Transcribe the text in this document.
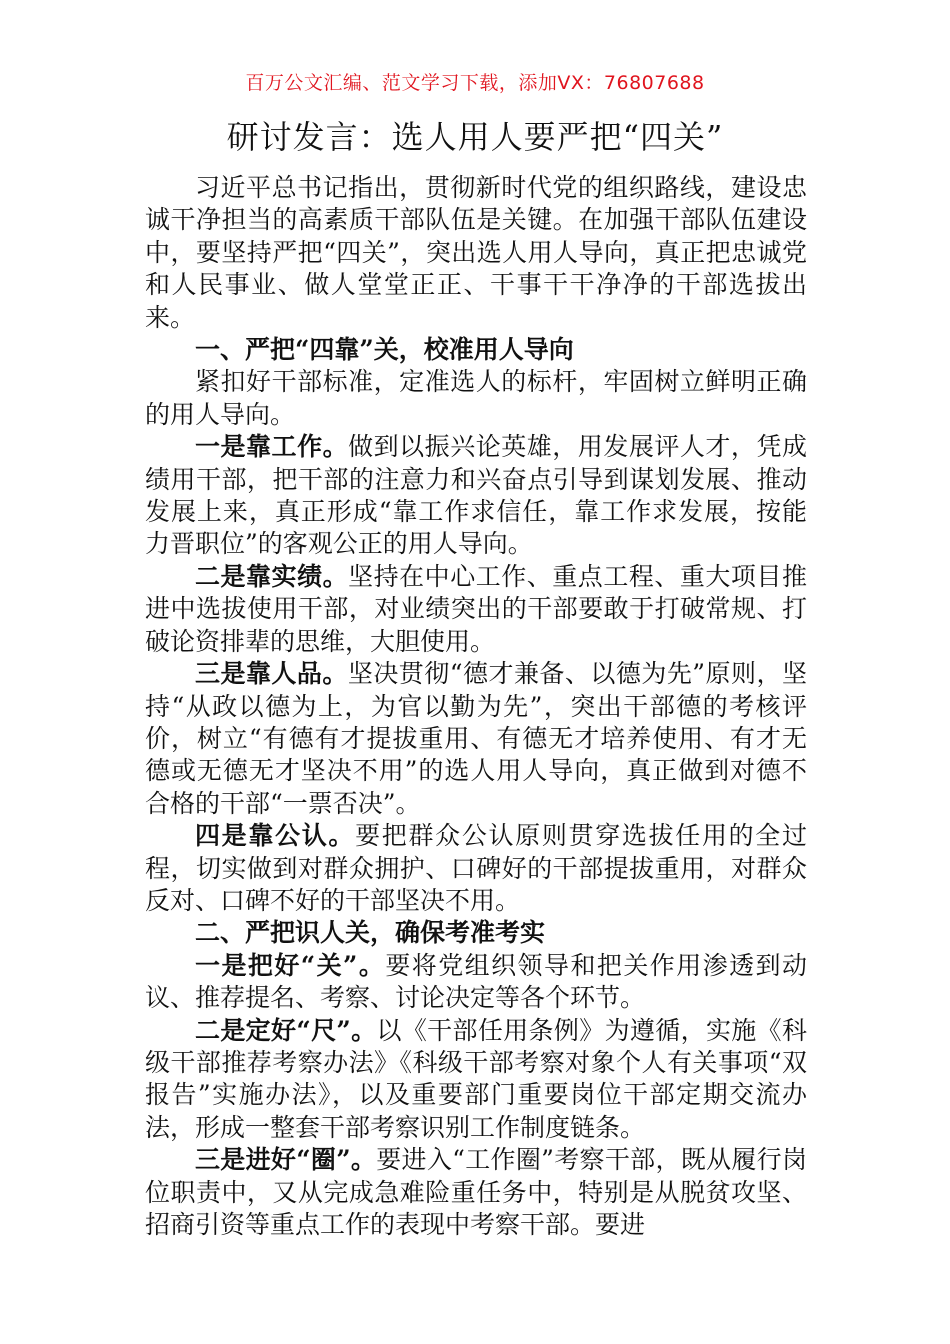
百万公文汇编、范文学习下载，添加VX：76807688
研讨发言：选人用人要严把“四关”

习近平总书记指出，贯彻新时代党的组织路线，建设忠诚干净担当的高素质干部队伍是关键。在加强干部队伍建设中，要坚持严把“四关”，突出选人用人导向，真正把忠诚党和人民事业、做人堂堂正正、干事干干净净的干部选拔出来。

一、严把“四靠”关，校准用人导向

紧扣好干部标准，定准选人的标杆，牢固树立鲜明正确的用人导向。

一是靠工作。做到以振兴论英雄，用发展评人才，凭成绩用干部，把干部的注意力和兴奋点引导到谋划发展、推动发展上来，真正形成“靠工作求信任，靠工作求发展，按能力晋职位”的客观公正的用人导向。

二是靠实绩。坚持在中心工作、重点工程、重大项目推进中选拔使用干部，对业绩突出的干部要敢于打破常规、打破论资排辈的思维，大胆使用。

三是靠人品。坚决贯彻“德才兼备、以德为先”原则，坚持“从政以德为上，为官以勤为先”，突出干部德的考核评价，树立“有德有才提拔重用、有德无才培养使用、有才无德或无德无才坚决不用”的选人用人导向，真正做到对德不合格的干部“一票否决”。

四是靠公认。要把群众公认原则贯穿选拔任用的全过程，切实做到对群众拥护、口碑好的干部提拔重用，对群众反对、口碑不好的干部坚决不用。

二、严把识人关，确保考准考实

一是把好“关”。要将党组织领导和把关作用渗透到动议、推荐提名、考察、讨论决定等各个环节。

二是定好“尺”。以《干部任用条例》为遵循，实施《科级干部推荐考察办法》《科级干部考察对象个人有关事项“双报告”实施办法》，以及重要部门重要岗位干部定期交流办法，形成一整套干部考察识别工作制度链条。

三是进好“圈”。要进入“工作圈”考察干部，既从履行岗位职责中，又从完成急难险重任务中，特别是从脱贫攻坚、招商引资等重点工作的表现中考察干部。要进
